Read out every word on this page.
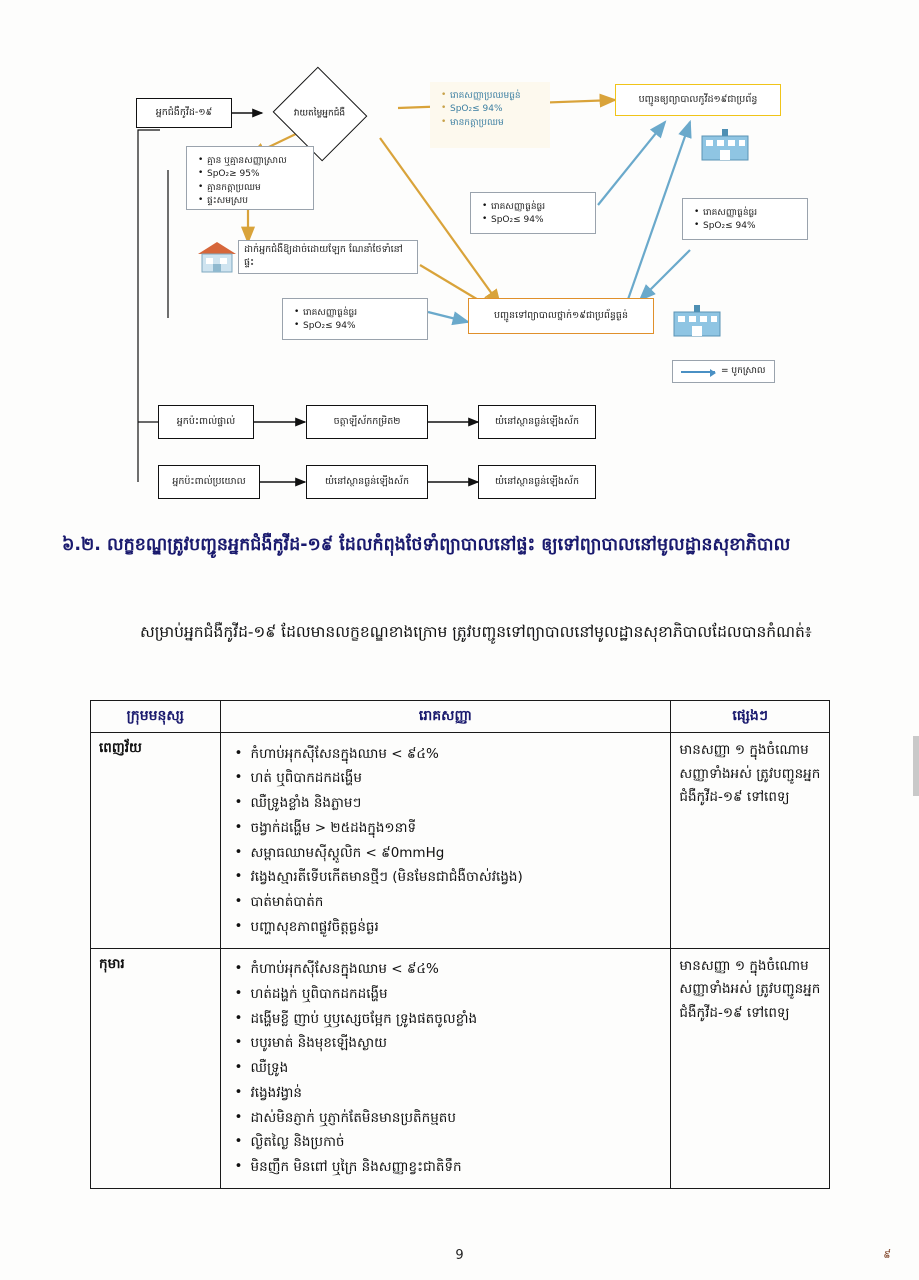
អ្នកជំងឺកូវីដ-១៩	វាយតម្លៃអ្នកជំងឺ
• គ្មាន ឬគ្មានសញ្ញាស្រាល
• SpO₂≥ 95%
• គ្មានកត្តាប្រឈម
• ផ្ទះសមស្រប
• រោគសញ្ញាប្រឈមធ្ងន់
• SpO₂≤ 94%
• មានកត្តាប្រឈម
បញ្ជូនឲ្យព្យាបាលកូវីដ១៩ជាប្រព័ន្ធ
ដាក់អ្នកជំងឺឱ្យដាច់ដោយឡែក ណែនាំថែទាំនៅផ្ទះ
• រោគសញ្ញាធ្ងន់ធ្ងរ
• SpO₂≤ 94%
• រោគសញ្ញាធ្ងន់ធ្ងរ
• SpO₂≤ 94%
• រោគសញ្ញាធ្ងន់ធ្ងរ
• SpO₂≤ 94%
បញ្ជូនទៅព្យាបាលថ្នាក់១៩ជាប្រព័ន្ធធ្ងន់
= បូកស្រាល
អ្នកប៉ះពាល់ផ្ទាល់	ចត្តាឡីស័កកម្រិត២	យំនៅស្ថានធ្ងន់ឡើងស័ក
អ្នកប៉ះពាល់ប្រយោល	យំនៅស្ថានធ្ងន់ឡើងស័ក	យំនៅស្ថានធ្ងន់ឡើងស័ក
៦.២. លក្ខខណ្ឌត្រូវបញ្ជូនអ្នកជំងឺកូវីដ-១៩ ដែលកំពុងថែទាំព្យាបាលនៅផ្ទះ ឲ្យទៅព្យាបាលនៅមូលដ្ឋានសុខាភិបាល
សម្រាប់អ្នកជំងឺកូវីដ-១៩ ដែលមានលក្ខខណ្ឌខាងក្រោម ត្រូវបញ្ជូនទៅព្យាបាលនៅមូលដ្ឋានសុខាភិបាលដែលបានកំណត់៖
ក្រុមមនុស្ស	រោគសញ្ញា	ផ្សេងៗ
ពេញវ័យ	
•កំហាប់អុកស៊ីសែនក្នុងឈាម < ៩៤%
• ហត់ ឬពិបាកដកដង្ហើម
• ឈឺទ្រូងខ្លាំង និងភ្លាមៗ
• ចង្វាក់ដង្ហើម > ២៥ដងក្នុង១នាទី
• សម្ពាធឈាមស៊ីស្តូលិក < ៩0mmHg
• វង្វេងស្មារតីទើបកើតមានថ្មីៗ (មិនមែនជាជំងឺចាស់វង្វេង)
• បាត់មាត់បាត់ក
• បញ្ហាសុខភាពផ្លូវចិត្តធ្ងន់ធ្ងរ
	មានសញ្ញា ១ ក្នុងចំណោម សញ្ញាទាំងអស់ ត្រូវបញ្ជូនអ្នកជំងឺកូវីដ-១៩ ទៅពេទ្យ
កុមារ	
•កំហាប់អុកស៊ីសែនក្នុងឈាម < ៩៤%
• ហត់ដង្ហក់ ឬពិបាកដកដង្ហើម
• ដង្ហើមខ្លី ញាប់ ឬឫស្សេចម្អែក ទ្រូងផតចូលខ្លាំង
• បបូរមាត់ និងមុខឡើងស្ងាយ
• ឈឺទ្រូង
• វង្វេងវង្វាន់
• ដាស់មិនភ្ញាក់ ឬភ្ញាក់តែមិនមានប្រតិកម្មតប
• ល្ងិតល្ងៃ និងប្រកាច់
• មិនញឹក មិនពៅ ឬក្រៃ និងសញ្ញាខ្វះជាតិទឹក
	មានសញ្ញា ១ ក្នុងចំណោម សញ្ញាទាំងអស់ ត្រូវបញ្ជូនអ្នកជំងឺកូវីដ-១៩ ទៅពេទ្យ
9	៩
